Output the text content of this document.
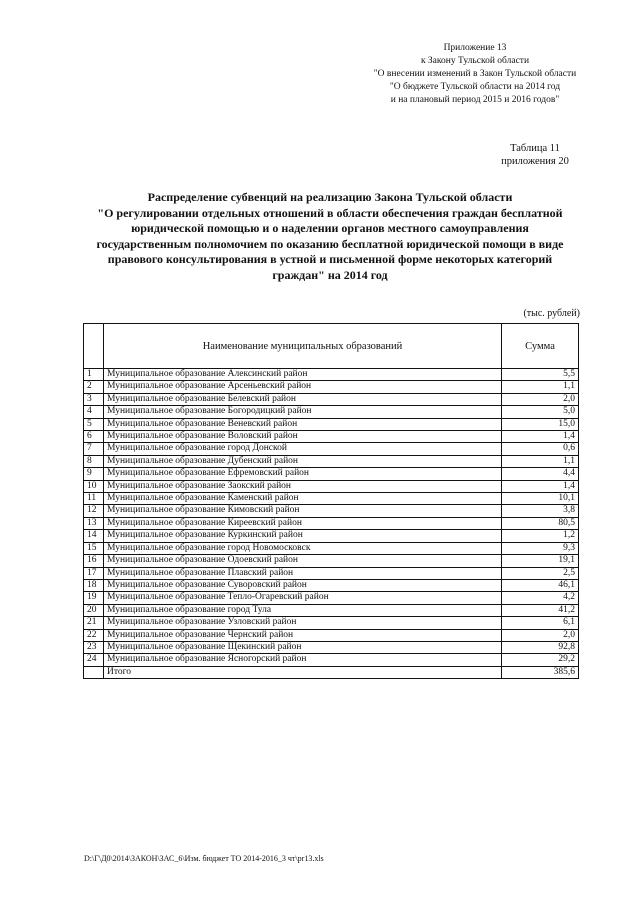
Приложение 13
к Закону Тульской области
"О внесении изменений в Закон Тульской области
"О бюджете Тульской области на 2014 год
и на плановый период 2015 и 2016 годов"
Таблица 11
приложения 20
Распределение субвенций на реализацию Закона Тульской области
"О регулировании отдельных отношений в области обеспечения граждан бесплатной
юридической помощью и о наделении органов местного самоуправления
государственным полномочием по оказанию бесплатной юридической помощи в виде
правового консультирования в устной и письменной форме некоторых категорий
граждан" на 2014 год
(тыс. рублей)
	Наименование муниципальных образований	Сумма
1	Муниципальное образование Алексинский район	5,5
2	Муниципальное образование Арсеньевский район	1,1
3	Муниципальное образование Белевский район	2,0
4	Муниципальное образование Богородицкий район	5,0
5	Муниципальное образование Веневский район	15,0
6	Муниципальное образование Воловский район	1,4
7	Муниципальное образование город Донской	0,6
8	Муниципальное образование Дубенский район	1,1
9	Муниципальное образование Ефремовский район	4,4
10	Муниципальное образование Заокский район	1,4
11	Муниципальное образование Каменский район	10,1
12	Муниципальное образование Кимовский район	3,8
13	Муниципальное образование Киреевский район	80,5
14	Муниципальное образование Куркинский район	1,2
15	Муниципальное образование город Новомосковск	9,3
16	Муниципальное образование Одоевский район	19,1
17	Муниципальное образование Плавский район	2,5
18	Муниципальное образование Суворовский район	46,1
19	Муниципальное образование Тепло-Огаревский район	4,2
20	Муниципальное образование город Тула	41,2
21	Муниципальное образование Узловский район	6,1
22	Муниципальное образование Чернский район	2,0
23	Муниципальное образование Щекинский район	92,8
24	Муниципальное образование Ясногорский район	29,2
	Итого	385,6
D:\Г\Д0\2014\ЗАКОН\ЗАС_6\Изм. бюджет ТО 2014-2016_3 чт\pr13.xls
